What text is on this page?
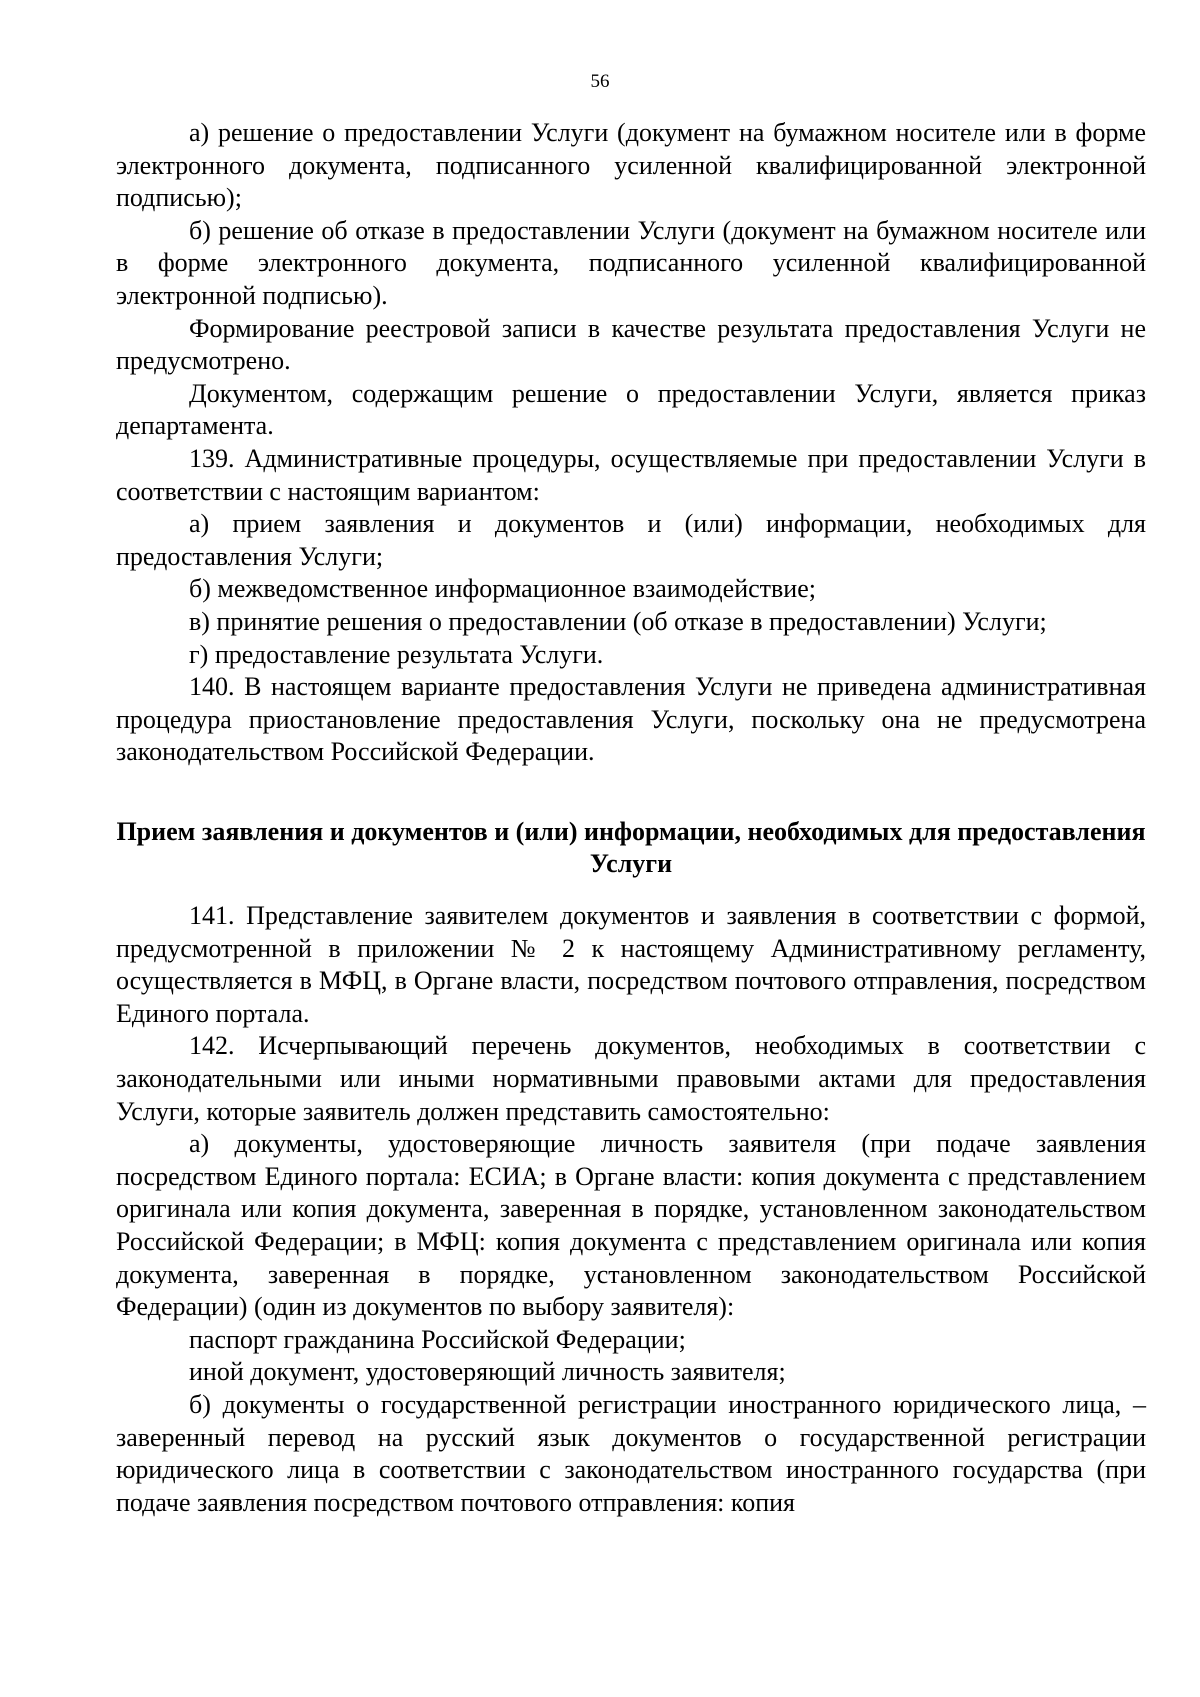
56

а) решение о предоставлении Услуги (документ на бумажном носителе или в форме электронного документа, подписанного усиленной квалифицированной электронной подписью);

б) решение об отказе в предоставлении Услуги (документ на бумажном носителе или в форме электронного документа, подписанного усиленной квалифицированной электронной подписью).

Формирование реестровой записи в качестве результата предоставления Услуги не предусмотрено.

Документом, содержащим решение о предоставлении Услуги, является приказ департамента.

139. Административные процедуры, осуществляемые при предоставлении Услуги в соответствии с настоящим вариантом:

а) прием заявления и документов и (или) информации, необходимых для предоставления Услуги;

б) межведомственное информационное взаимодействие;

в) принятие решения о предоставлении (об отказе в предоставлении) Услуги;

г) предоставление результата Услуги.

140. В настоящем варианте предоставления Услуги не приведена административная процедура приостановление предоставления Услуги, поскольку она не предусмотрена законодательством Российской Федерации.

Прием заявления и документов и (или) информации, необходимых для предоставления Услуги

141. Представление заявителем документов и заявления в соответствии с формой, предусмотренной в приложении № 2 к настоящему Административному регламенту, осуществляется в МФЦ, в Органе власти, посредством почтового отправления, посредством Единого портала.

142. Исчерпывающий перечень документов, необходимых в соответствии с законодательными или иными нормативными правовыми актами для предоставления Услуги, которые заявитель должен представить самостоятельно:

а) документы, удостоверяющие личность заявителя (при подаче заявления посредством Единого портала: ЕСИА; в Органе власти: копия документа с представлением оригинала или копия документа, заверенная в порядке, установленном законодательством Российской Федерации; в МФЦ: копия документа с представлением оригинала или копия документа, заверенная в порядке, установленном законодательством Российской Федерации) (один из документов по выбору заявителя):

паспорт гражданина Российской Федерации;

иной документ, удостоверяющий личность заявителя;

б) документы о государственной регистрации иностранного юридического лица, – заверенный перевод на русский язык документов о государственной регистрации юридического лица в соответствии с законодательством иностранного государства (при подаче заявления посредством почтового отправления: копия
